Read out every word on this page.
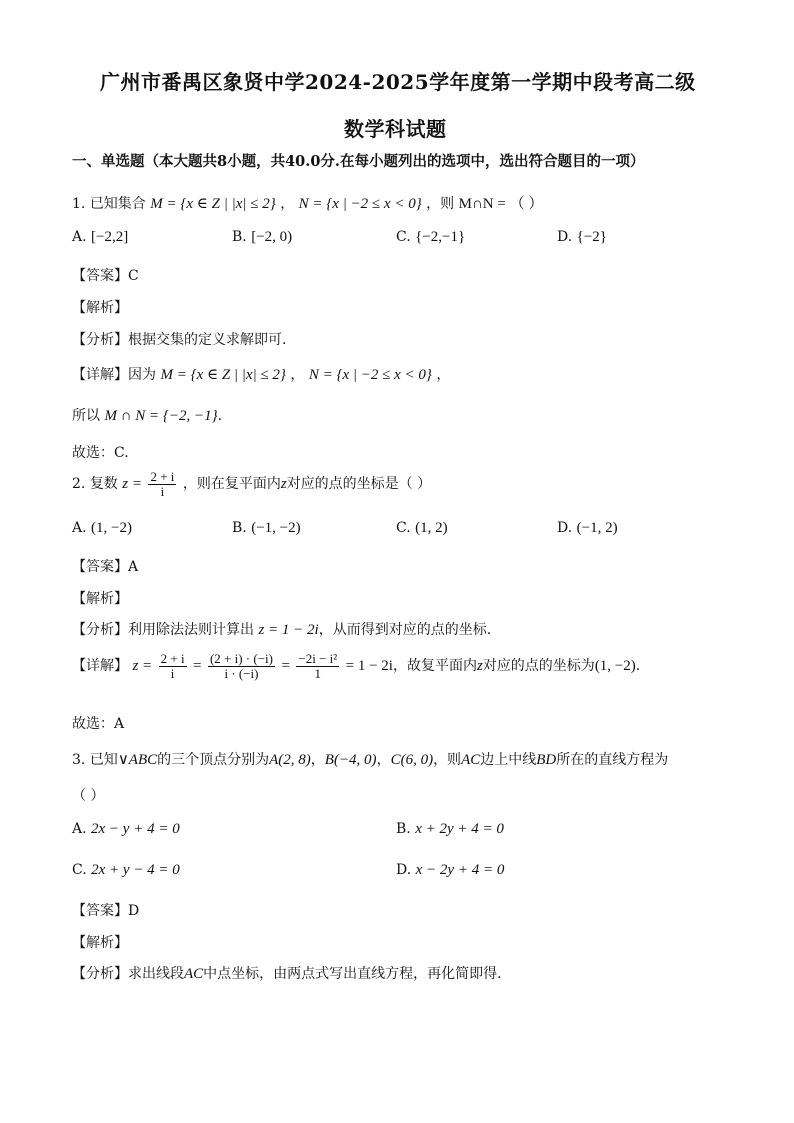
广州市番禺区象贤中学2024-2025学年度第一学期中段考高二级
数学科试题
一、单选题（本大题共8小题，共40.0分.在每小题列出的选项中，选出符合题目的一项）
1. 已知集合 M = {x ∈ Z | |x| ≤ 2} ， N = {x | −2 ≤ x < 0} ，则 M∩N = （ ）
A. [−2,2]	B. [−2, 0)	C. {−2,−1}	D. {−2}
【答案】C
【解析】
【分析】根据交集的定义求解即可.
【详解】因为 M = {x ∈ Z | |x| ≤ 2} ， N = {x | −2 ≤ x < 0} ，
所以 M ∩ N = {−2, −1}.
故选：C.
2. 复数 $z = \frac{2 + i}{i}$ ，则在复平面内z对应的点的坐标是（ ）
A. (1, −2)	B. (−1, −2)	C. (1, 2)	D. (−1, 2)
【答案】A
【解析】
【分析】利用除法法则计算出 z = 1 − 2i，从而得到对应的点的坐标.
【详解】 $z = \frac{2 + i}{i} = \frac{(2 + i) \cdot (-i)}{i \cdot (-i)} = \frac{\text{−2i − i²}}{1} = 1 - 2i$，故复平面内z对应的点的坐标为(1, −2).
故选：A
3. 已知∨ABC的三个顶点分别为A(2, 8)，B(−4, 0)，C(6, 0)，则AC边上中线BD所在的直线方程为
（ ）
A. 2x − y + 4 = 0	B. x + 2y + 4 = 0
C. 2x + y − 4 = 0	D. x − 2y + 4 = 0
【答案】D
【解析】
【分析】求出线段AC中点坐标，由两点式写出直线方程，再化简即得.
